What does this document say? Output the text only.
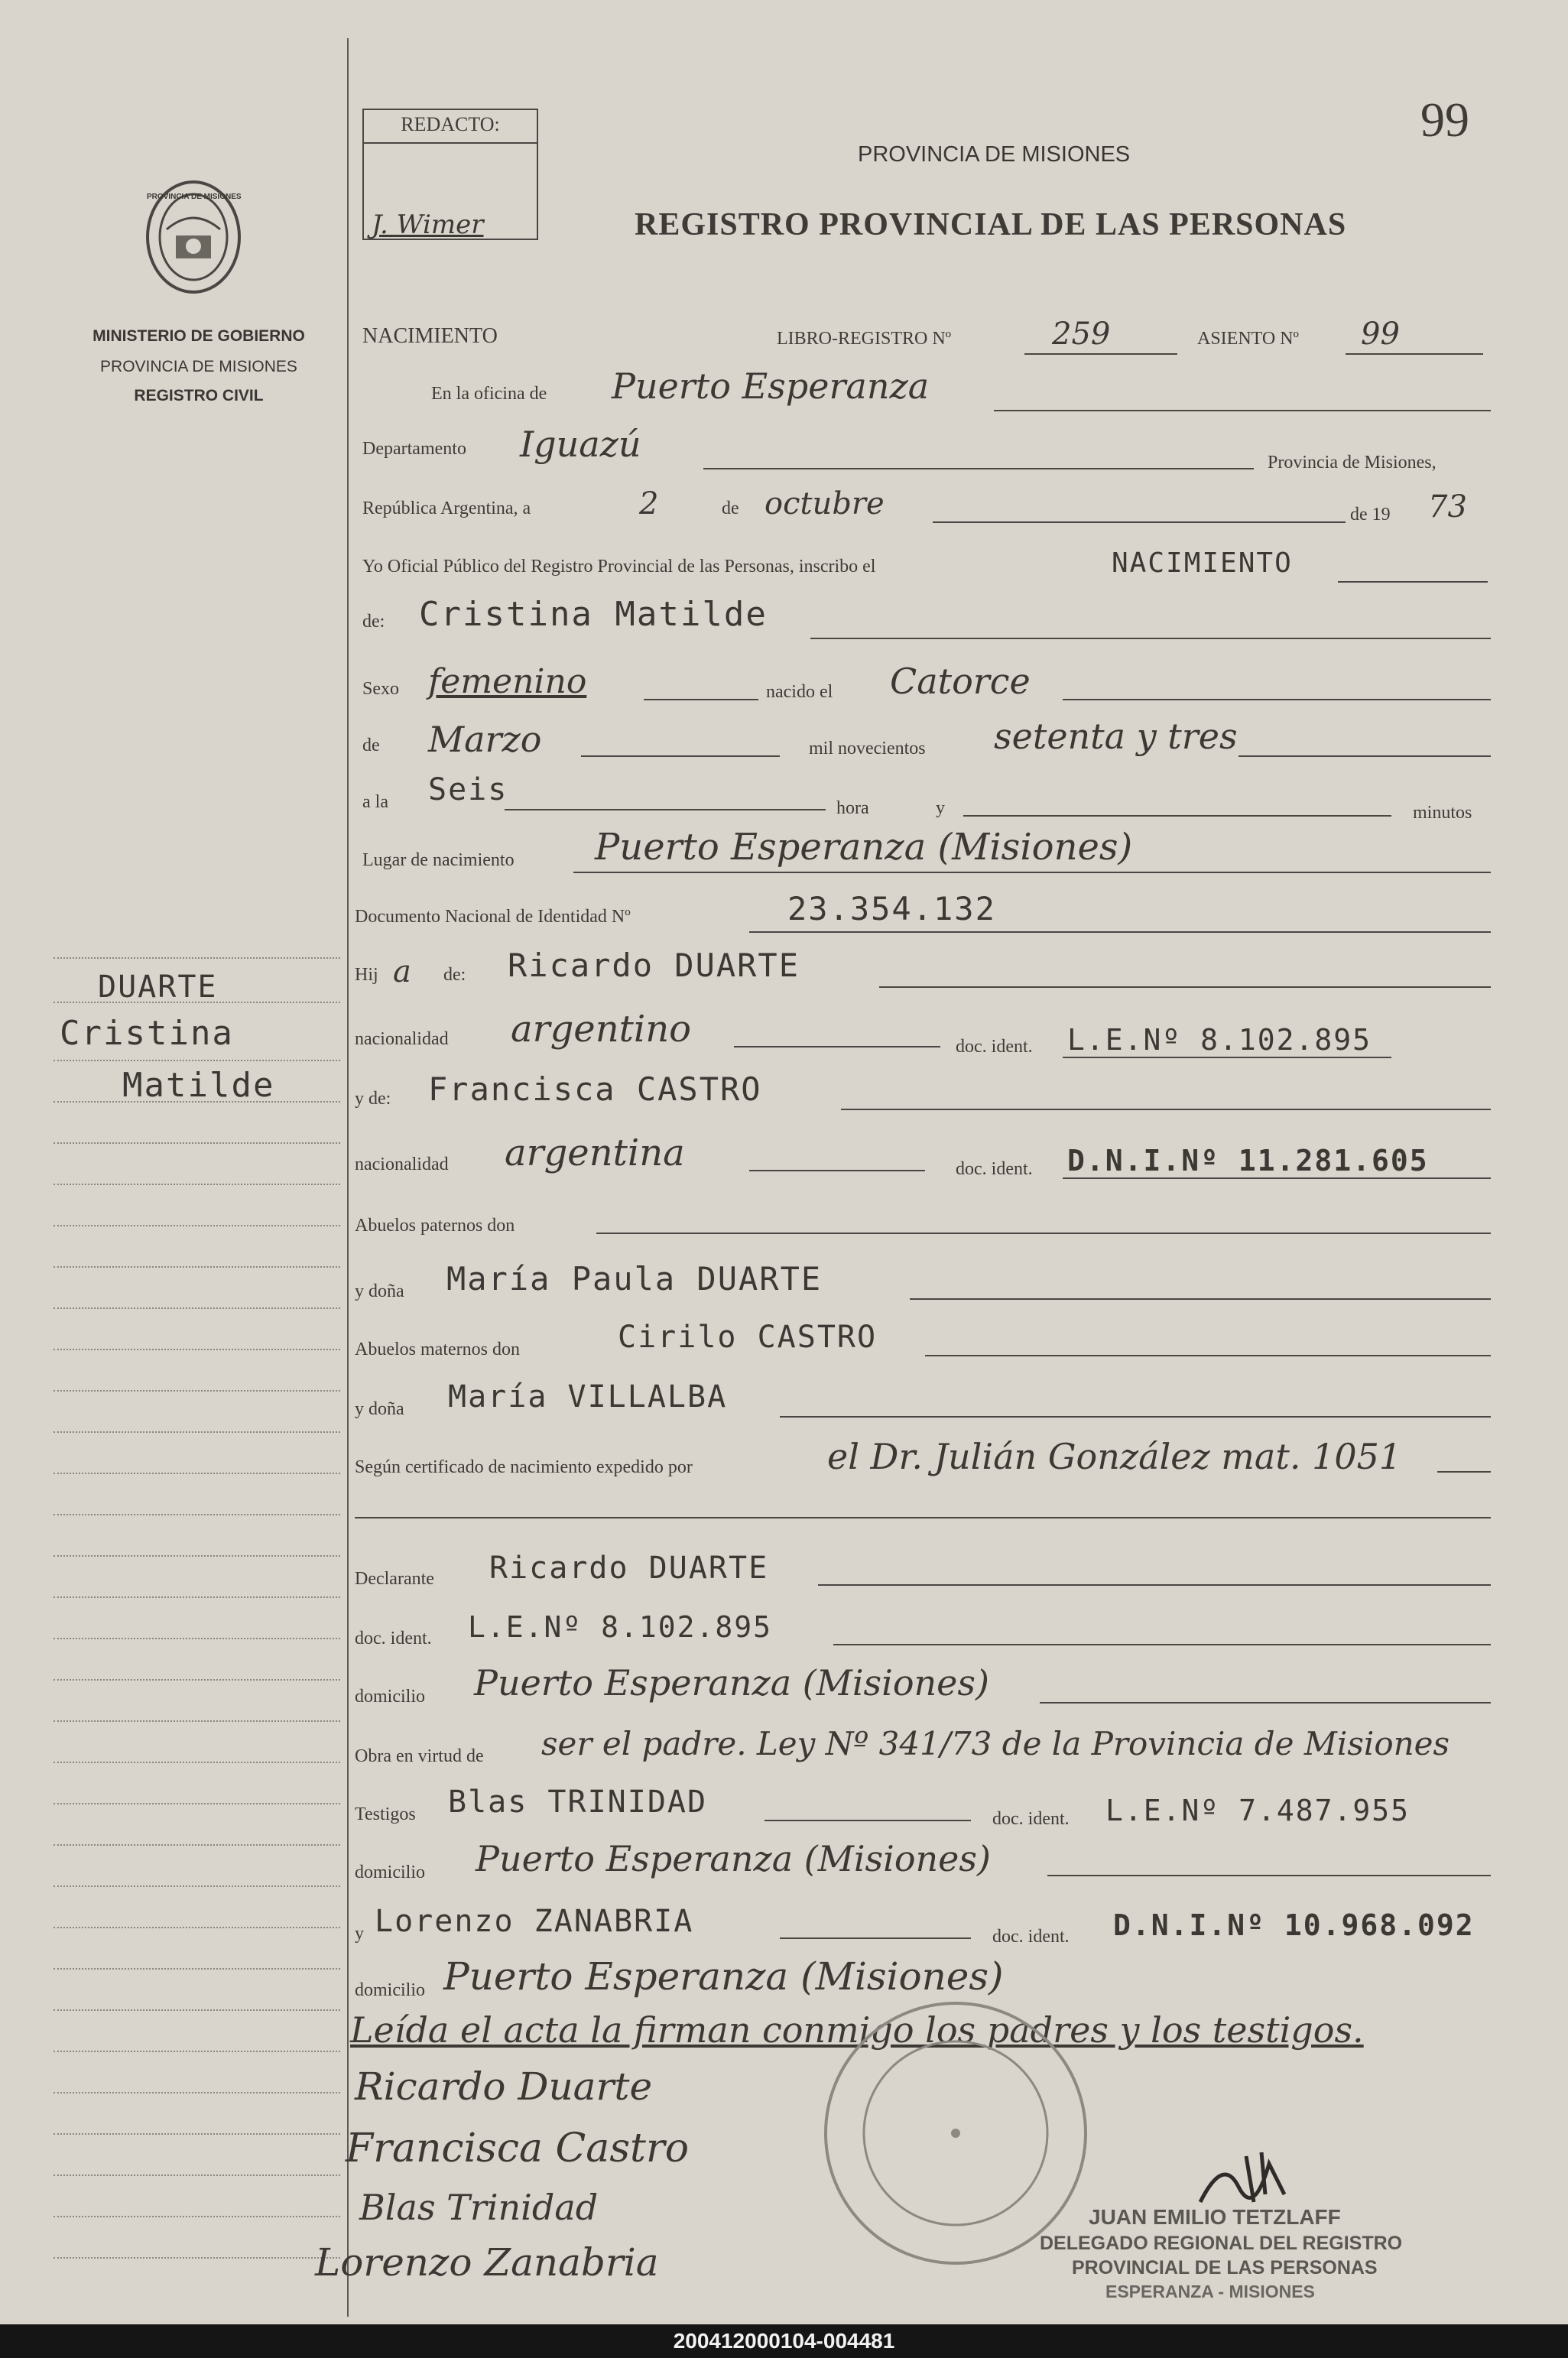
PROVINCIA DE MISIONES
MINISTERIO DE GOBIERNO
PROVINCIA DE MISIONES
REGISTRO CIVIL
DUARTE
Cristina
Matilde
REDACTO:
J. Wimer
99
PROVINCIA DE MISIONES
REGISTRO PROVINCIAL DE LAS PERSONAS
NACIMIENTO	LIBRO-REGISTRO Nº	259	ASIENTO Nº 99
En la oficina de Puerto Esperanza
Departamento Iguazú	Provincia de Misiones,
República Argentina, a	2	de octubre	de 19 73
Yo Oficial Público del Registro Provincial de las Personas, inscribo el	NACIMIENTO
de: Cristina Matilde
Sexo femenino	nacido el Catorce
de Marzo	mil novecientos setenta y tres
a la Seis
hora	y	minutos
Lugar de nacimiento Puerto Esperanza (Misiones)
Documento Nacional de Identidad Nº	23.354.132
Hij a de: Ricardo DUARTE
nacionalidad argentino	doc. ident. L.E.Nº 8.102.895
y de: Francisca CASTRO
nacionalidad argentina	doc. ident. D.N.I.Nº 11.281.605
Abuelos paternos don
y doña María Paula DUARTE
Abuelos maternos don	Cirilo CASTRO
y doña María VILLALBA
Según certificado de nacimiento expedido por	el Dr. Julián González mat. 1051
Declarante Ricardo DUARTE
doc. ident. L.E.Nº 8.102.895
domicilio Puerto Esperanza (Misiones)
Obra en virtud de ser el padre. Ley Nº 341/73 de la Provincia de Misiones
Testigos Blas TRINIDAD	doc. ident. L.E.Nº 7.487.955
domicilio Puerto Esperanza (Misiones)
y Lorenzo ZANABRIA	doc. ident. D.N.I.Nº 10.968.092
domicilio Puerto Esperanza (Misiones)
Leída el acta la firman conmigo los padres y los testigos.
Ricardo Duarte
Francisca Castro
Blas Trinidad
Lorenzo Zanabria
JUAN EMILIO TETZLAFF
DELEGADO REGIONAL DEL REGISTRO
PROVINCIAL DE LAS PERSONAS
ESPERANZA - MISIONES
200412000104-004481
